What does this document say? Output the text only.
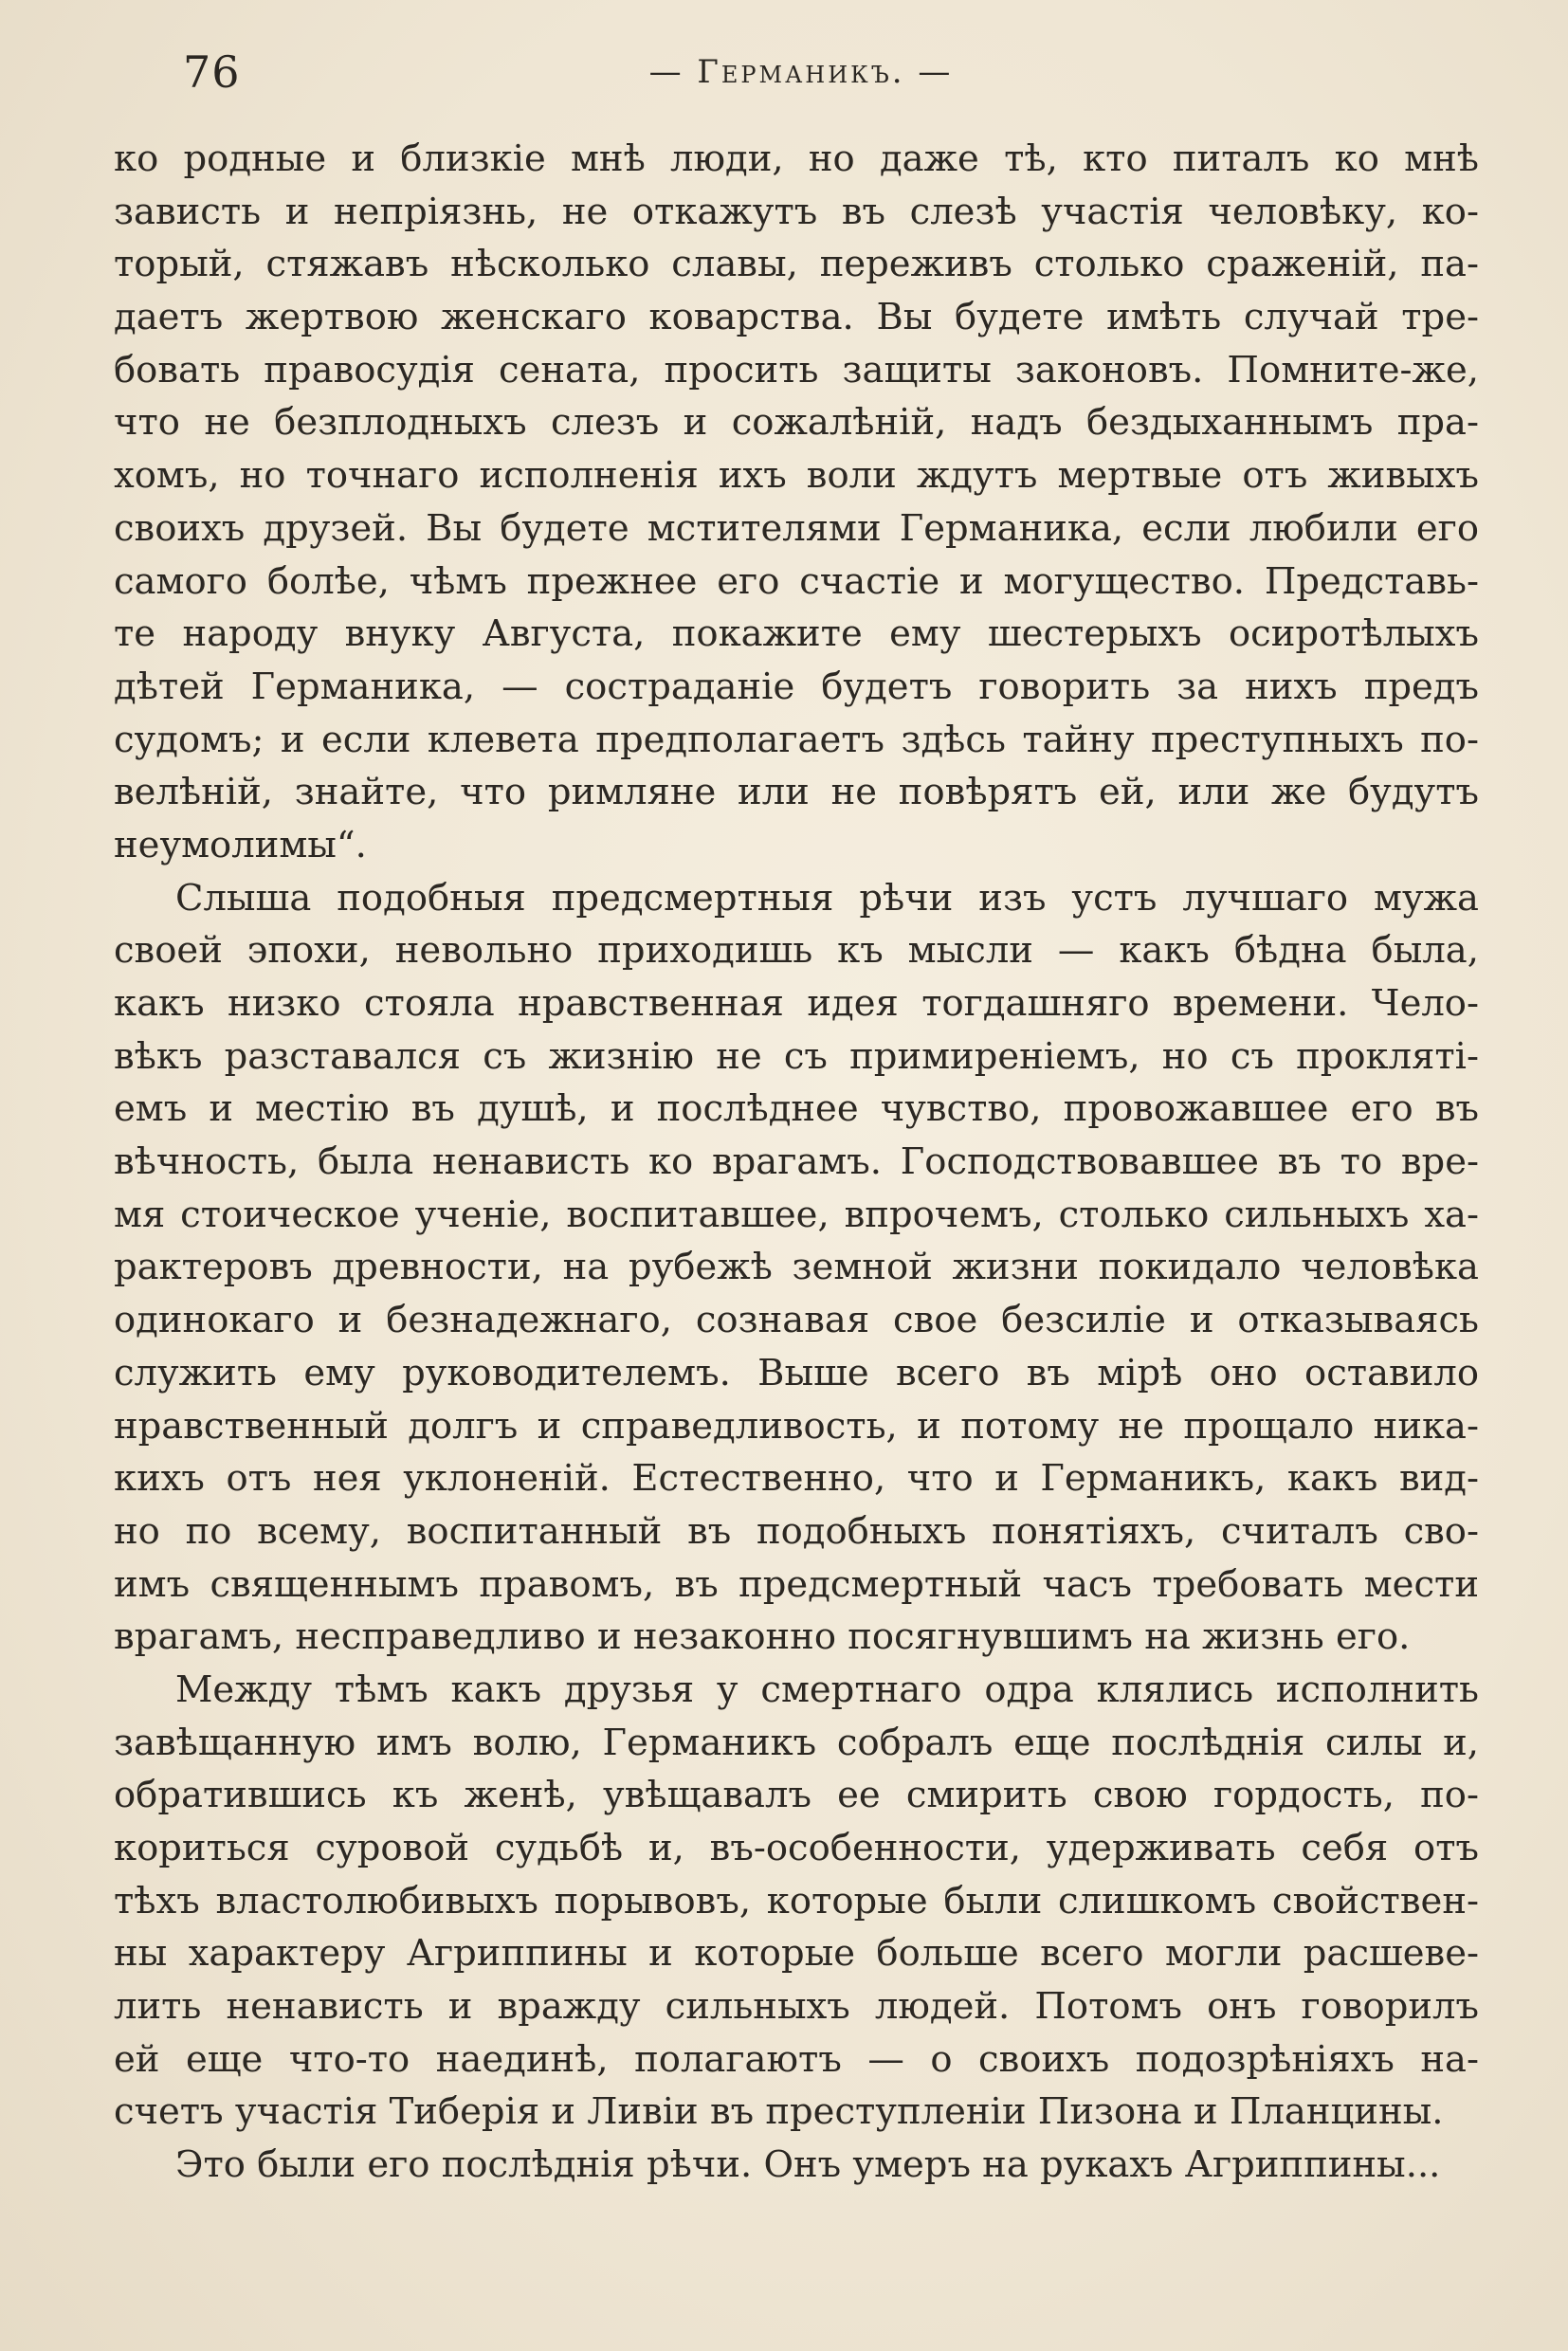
76	— Германикъ. —
ко родные и близкіе мнѣ люди, но даже тѣ, кто питалъ ко мнѣ
зависть и непріязнь, не откажутъ въ слезѣ участія человѣку, ко-
торый, стяжавъ нѣсколько славы, переживъ столько сраженій, па-
даетъ жертвою женскаго коварства. Вы будете имѣть случай тре-
бовать правосудія сената, просить защиты законовъ. Помните-же,
что не безплодныхъ слезъ и сожалѣній, надъ бездыханнымъ пра-
хомъ, но точнаго исполненія ихъ воли ждутъ мертвые отъ живыхъ
своихъ друзей. Вы будете мстителями Германика, если любили его
самого болѣе, чѣмъ прежнее его счастіе и могущество. Представь-
те народу внуку Августа, покажите ему шестерыхъ осиротѣлыхъ
дѣтей Германика, — состраданіе будетъ говорить за нихъ предъ
судомъ; и если клевета предполагаетъ здѣсь тайну преступныхъ по-
велѣній, знайте, что римляне или не повѣрятъ ей, или же будутъ
неумолимы“.
Слыша подобныя предсмертныя рѣчи изъ устъ лучшаго мужа
своей эпохи, невольно приходишь къ мысли — какъ бѣдна была,
какъ низко стояла нравственная идея тогдашняго времени. Чело-
вѣкъ разставался съ жизнію не съ примиреніемъ, но съ прокляті-
емъ и местію въ душѣ, и послѣднее чувство, провожавшее его въ
вѣчность, была ненависть ко врагамъ. Господствовавшее въ то вре-
мя стоическое ученіе, воспитавшее, впрочемъ, столько сильныхъ ха-
рактеровъ древности, на рубежѣ земной жизни покидало человѣка
одинокаго и безнадежнаго, сознавая свое безсиліе и отказываясь
служить ему руководителемъ. Выше всего въ мірѣ оно оставило
нравственный долгъ и справедливость, и потому не прощало ника-
кихъ отъ нея уклоненій. Естественно, что и Германикъ, какъ вид-
но по всему, воспитанный въ подобныхъ понятіяхъ, считалъ сво-
имъ священнымъ правомъ, въ предсмертный часъ требовать мести
врагамъ, несправедливо и незаконно посягнувшимъ на жизнь его.
Между тѣмъ какъ друзья у смертнаго одра клялись исполнить
завѣщанную имъ волю, Германикъ собралъ еще послѣднія силы и,
обратившись къ женѣ, увѣщавалъ ее смирить свою гордость, по-
кориться суровой судьбѣ и, въ-особенности, удерживать себя отъ
тѣхъ властолюбивыхъ порывовъ, которые были слишкомъ свойствен-
ны характеру Агриппины и которые больше всего могли расшеве-
лить ненависть и вражду сильныхъ людей. Потомъ онъ говорилъ
ей еще что-то наединѣ, полагаютъ — о своихъ подозрѣніяхъ на-
счетъ участія Тиберія и Ливіи въ преступленіи Пизона и Планцины.
Это были его послѣднія рѣчи. Онъ умеръ на рукахъ Агриппины...
